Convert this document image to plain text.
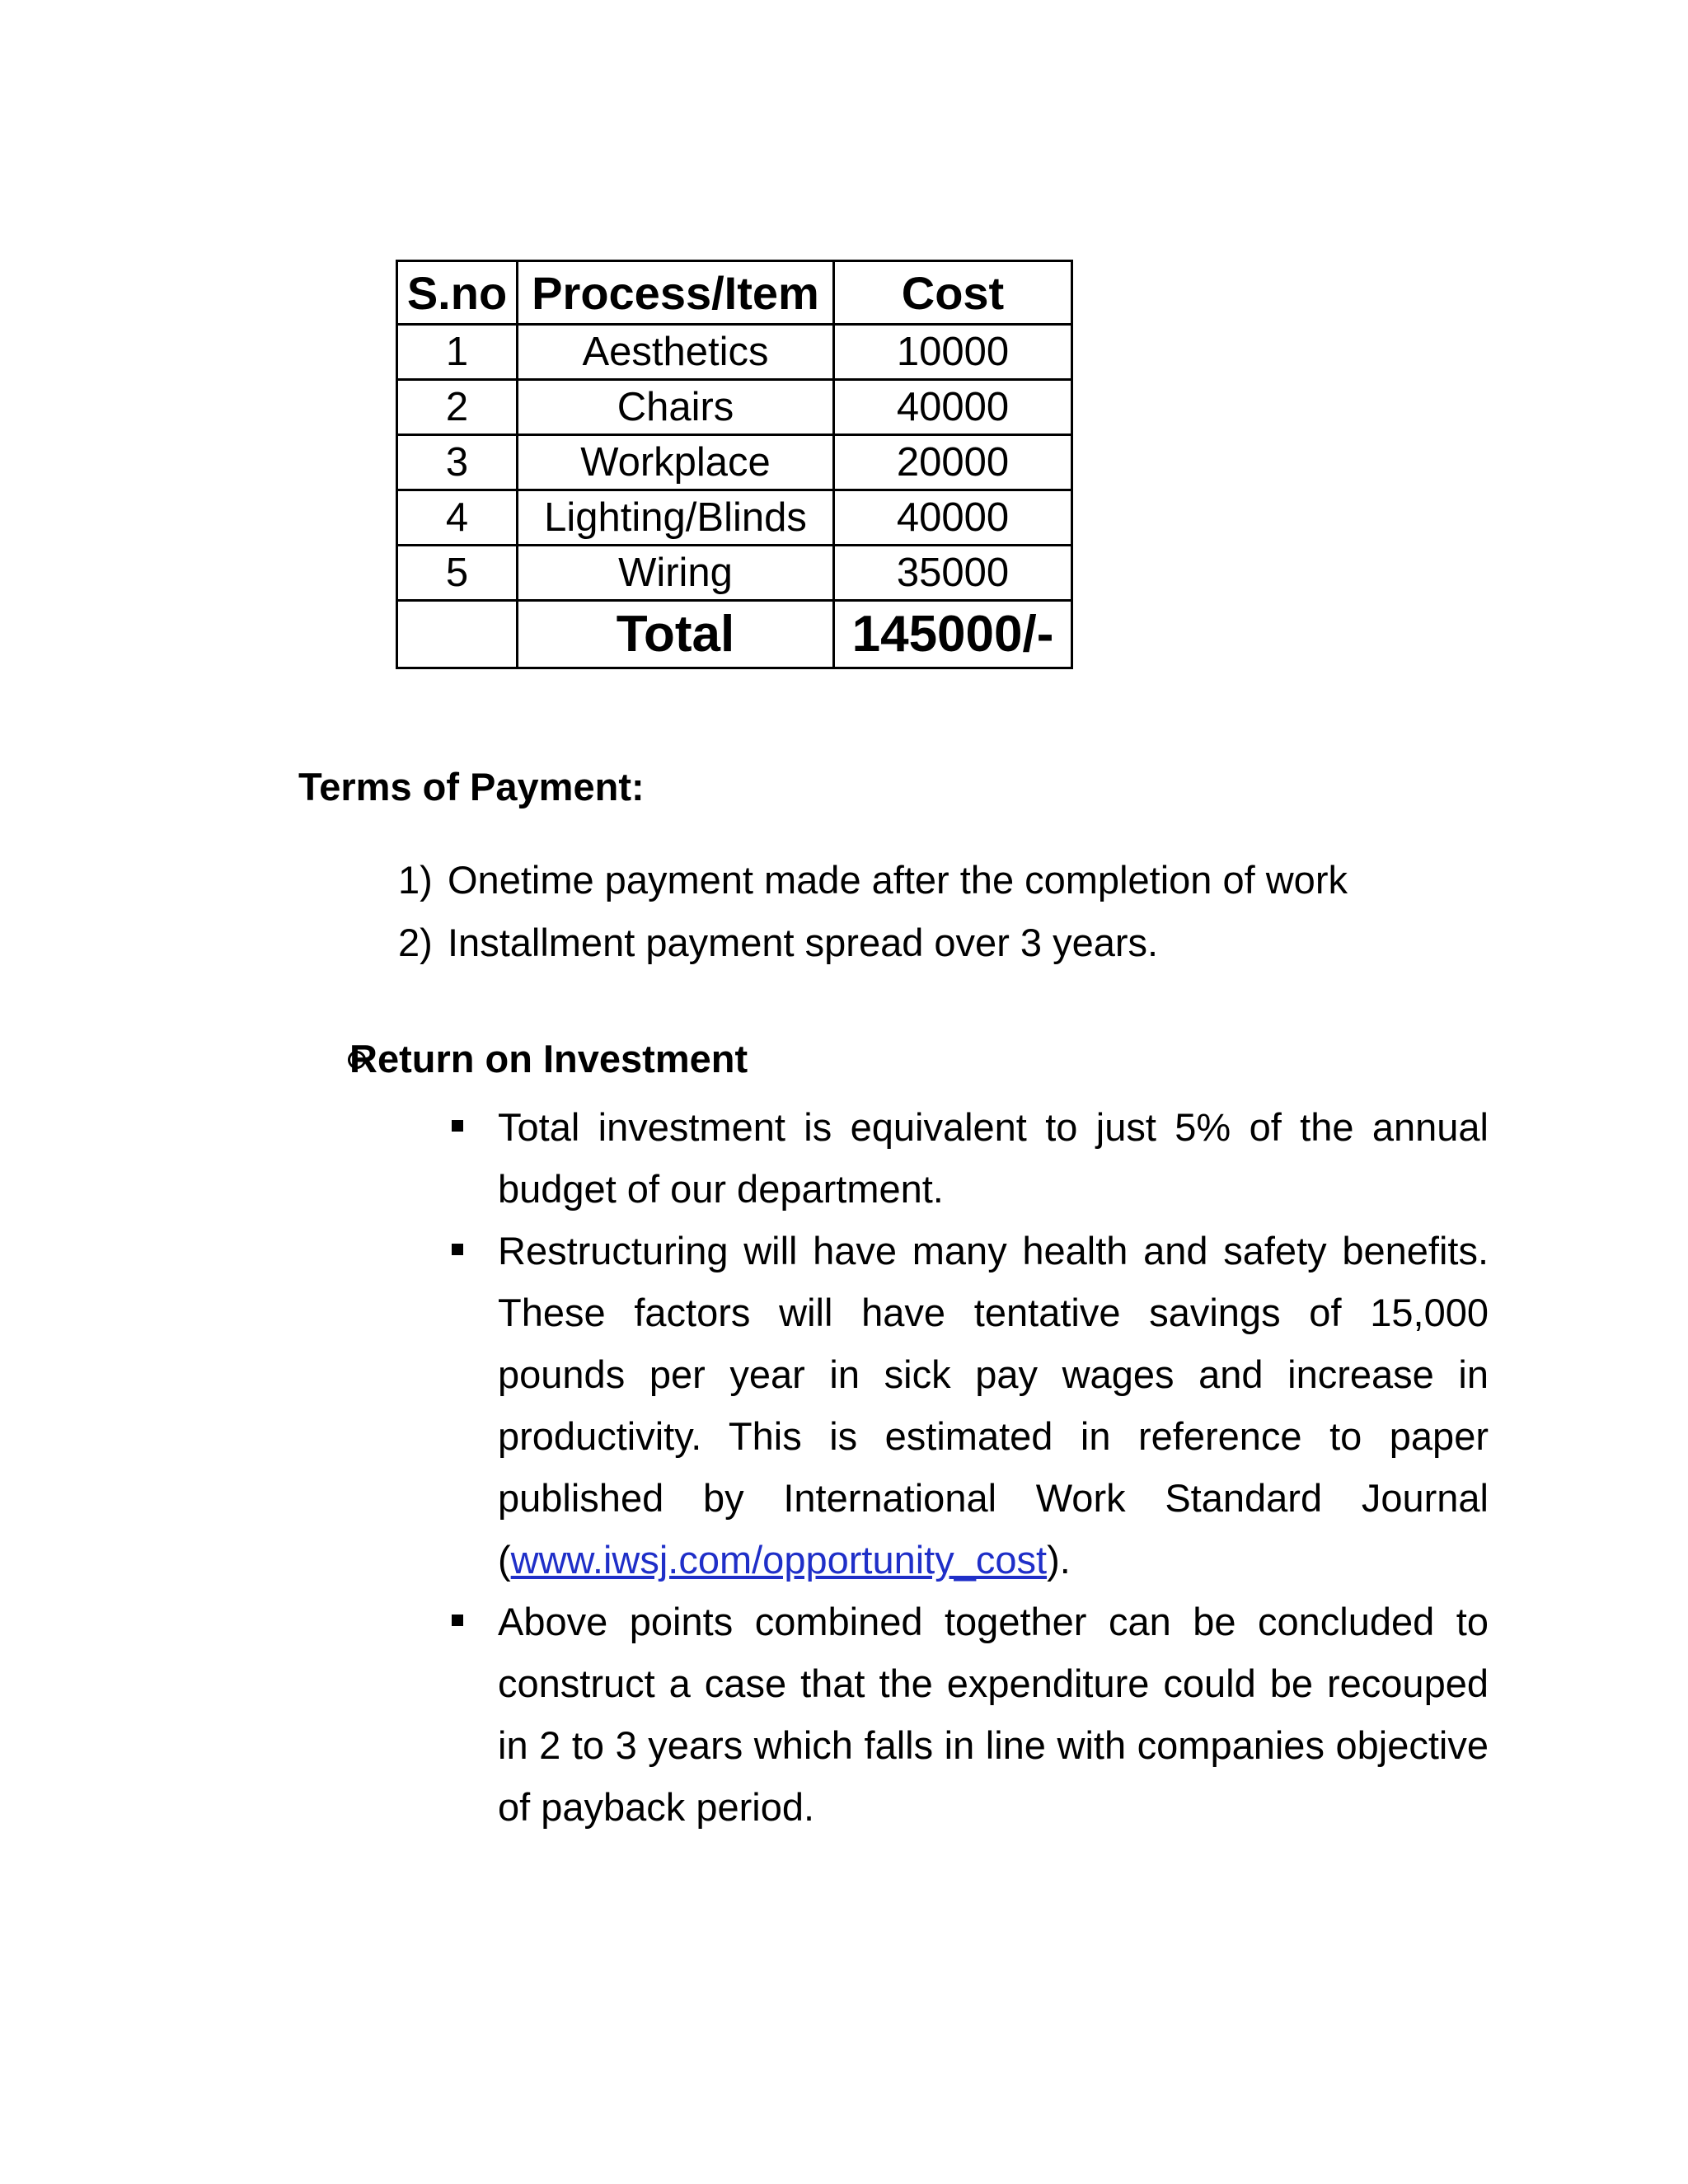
S.no	Process/Item	Cost
1	Aesthetics	10000
2	Chairs	40000
3	Workplace	20000
4	Lighting/Blinds	40000
5	Wiring	35000
	Total	145000/-
Terms of Payment:
1) Onetime payment made after the completion of work
2) Installment payment spread over 3 years.
Return on Investment
Total investment is equivalent to just 5% of the annual budget of our department.
Restructuring will have many health and safety benefits. These factors will have tentative savings of 15,000 pounds per year in sick pay wages and increase in productivity. This is estimated in reference to paper published by International Work Standard Journal (www.iwsj.com/opportunity_cost).
Above points combined together can be concluded to construct a case that the expenditure could be recouped in 2 to 3 years which falls in line with companies objective of payback period.
